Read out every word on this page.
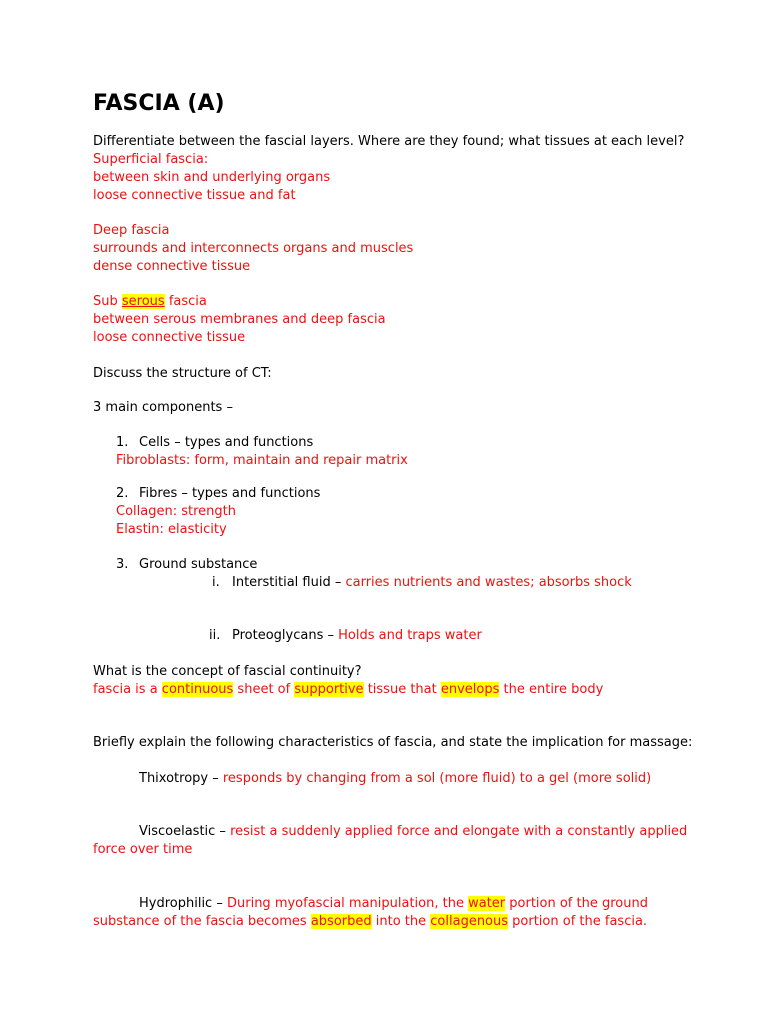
FASCIA (A)
Differentiate between the fascial layers. Where are they found; what tissues at each level?
Superficial fascia:
between skin and underlying organs
loose connective tissue and fat
Deep fascia
surrounds and interconnects organs and muscles
dense connective tissue
Sub serous fascia
between serous membranes and deep fascia
loose connective tissue
Discuss the structure of CT:
3 main components –
1. Cells – types and functions
Fibroblasts: form, maintain and repair matrix
2. Fibres – types and functions
Collagen: strength
Elastin: elasticity
3. Ground substance
i. Interstitial fluid – carries nutrients and wastes; absorbs shock
ii. Proteoglycans – Holds and traps water
What is the concept of fascial continuity?
fascia is a continuous sheet of supportive tissue that envelops the entire body
Briefly explain the following characteristics of fascia, and state the implication for massage:
Thixotropy – responds by changing from a sol (more fluid) to a gel (more solid)
Viscoelastic – resist a suddenly applied force and elongate with a constantly applied
force over time
Hydrophilic – During myofascial manipulation, the water portion of the ground
substance of the fascia becomes absorbed into the collagenous portion of the fascia.
